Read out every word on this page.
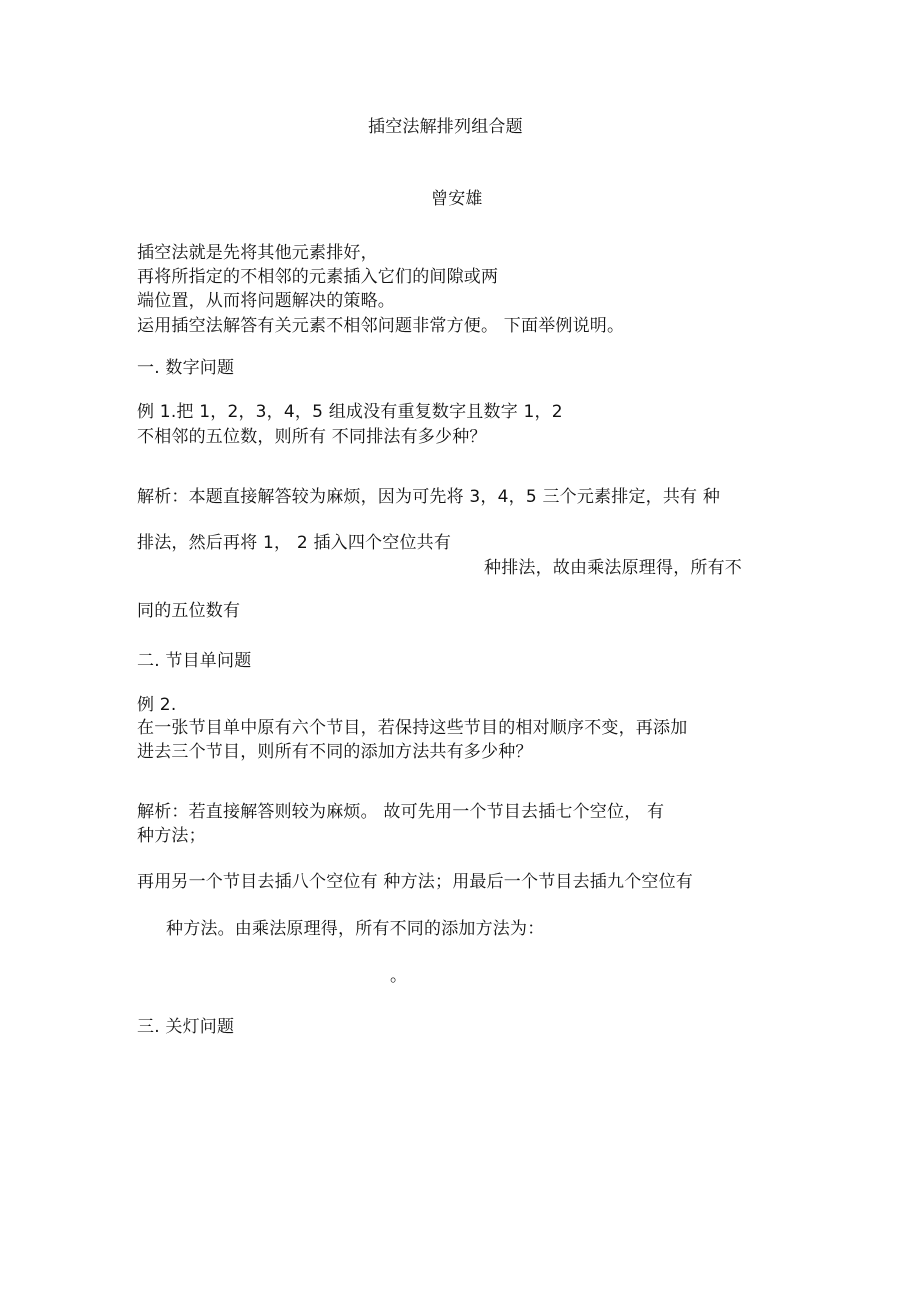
插空法解排列组合题
曾安雄
插空法就是先将其他元素排好，
再将所指定的不相邻的元素插入它们的间隙或两
端位置，从而将问题解决的策略。
运用插空法解答有关元素不相邻问题非常方便。 下面举例说明。
一. 数字问题
例 1.把 1，2，3，4，5 组成没有重复数字且数字 1，2
不相邻的五位数，则所有 不同排法有多少种？
解析：本题直接解答较为麻烦，因为可先将 3，4，5 三个元素排定，共有 种
排法，然后再将 1， 2 插入四个空位共有
种排法，故由乘法原理得，所有不
同的五位数有
二. 节目单问题
例 2.
在一张节目单中原有六个节目，若保持这些节目的相对顺序不变，再添加
进去三个节目，则所有不同的添加方法共有多少种？
解析：若直接解答则较为麻烦。 故可先用一个节目去插七个空位， 有
种方法；
再用另一个节目去插八个空位有 种方法；用最后一个节目去插九个空位有
种方法。由乘法原理得，所有不同的添加方法为：
。
三. 关灯问题
